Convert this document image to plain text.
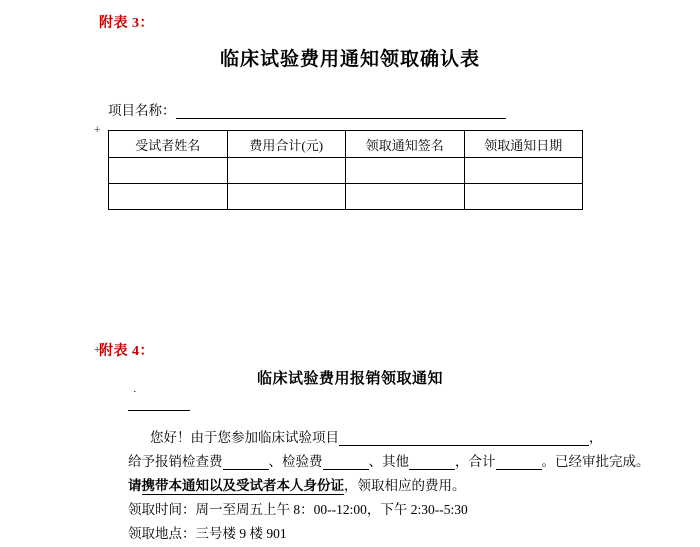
附表 3：
临床试验费用通知领取确认表
项目名称：
+
受试者姓名	费用合计(元)	领取通知签名	领取通知日期

附表 4：
+
临床试验费用报销领取通知
·
您好！由于您参加临床试验项目	，
给予报销检查费	、检验费	、其他	，合计	。已经审批完成。
请携带本通知以及受试者本人身份证，领取相应的费用。
领取时间：周一至周五上午 8：00--12:00，下午 2:30--5:30
领取地点：三号楼 9 楼 901
